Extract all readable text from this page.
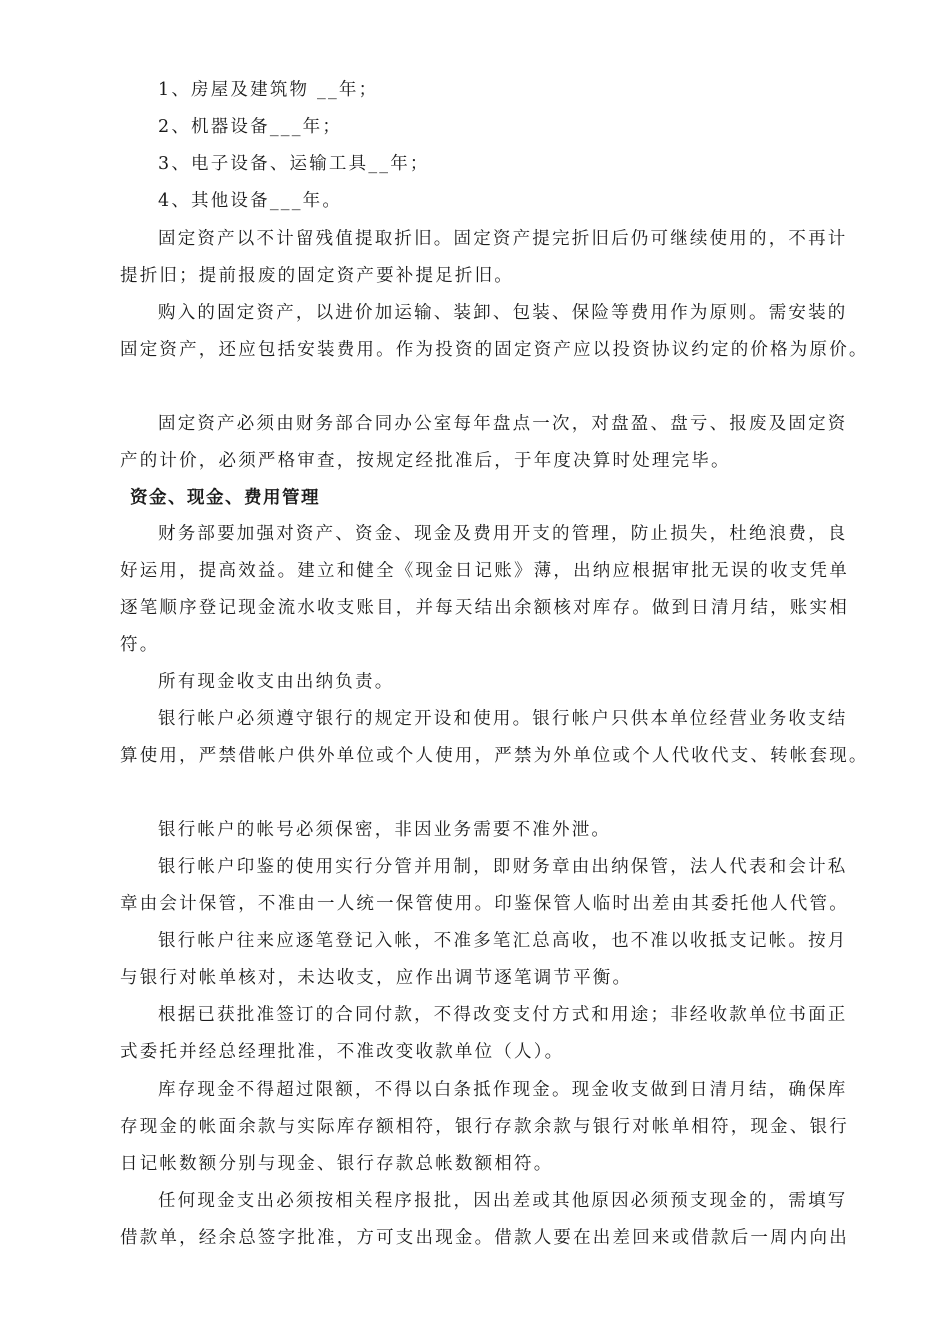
1、房屋及建筑物 __年；
2、机器设备___年；
3、电子设备、运输工具__年；
4、其他设备___年。
固定资产以不计留残值提取折旧。固定资产提完折旧后仍可继续使用的，不再计
提折旧；提前报废的固定资产要补提足折旧。
购入的固定资产，以进价加运输、装卸、包装、保险等费用作为原则。需安装的
固定资产，还应包括安装费用。作为投资的固定资产应以投资协议约定的价格为原价。
固定资产必须由财务部合同办公室每年盘点一次，对盘盈、盘亏、报废及固定资
产的计价，必须严格审查，按规定经批准后，于年度决算时处理完毕。
资金、现金、费用管理
财务部要加强对资产、资金、现金及费用开支的管理，防止损失，杜绝浪费，良
好运用，提高效益。建立和健全《现金日记账》薄，出纳应根据审批无误的收支凭单
逐笔顺序登记现金流水收支账目，并每天结出余额核对库存。做到日清月结，账实相
符。
所有现金收支由出纳负责。
银行帐户必须遵守银行的规定开设和使用。银行帐户只供本单位经营业务收支结
算使用，严禁借帐户供外单位或个人使用，严禁为外单位或个人代收代支、转帐套现。
银行帐户的帐号必须保密，非因业务需要不准外泄。
银行帐户印鉴的使用实行分管并用制，即财务章由出纳保管，法人代表和会计私
章由会计保管，不准由一人统一保管使用。印鉴保管人临时出差由其委托他人代管。
银行帐户往来应逐笔登记入帐，不准多笔汇总高收，也不准以收抵支记帐。按月
与银行对帐单核对，未达收支，应作出调节逐笔调节平衡。
根据已获批准签订的合同付款，不得改变支付方式和用途；非经收款单位书面正
式委托并经总经理批准，不准改变收款单位（人）。
库存现金不得超过限额，不得以白条抵作现金。现金收支做到日清月结，确保库
存现金的帐面余款与实际库存额相符，银行存款余款与银行对帐单相符，现金、银行
日记帐数额分别与现金、银行存款总帐数额相符。
任何现金支出必须按相关程序报批，因出差或其他原因必须预支现金的，需填写
借款单，经余总签字批准，方可支出现金。借款人要在出差回来或借款后一周内向出
